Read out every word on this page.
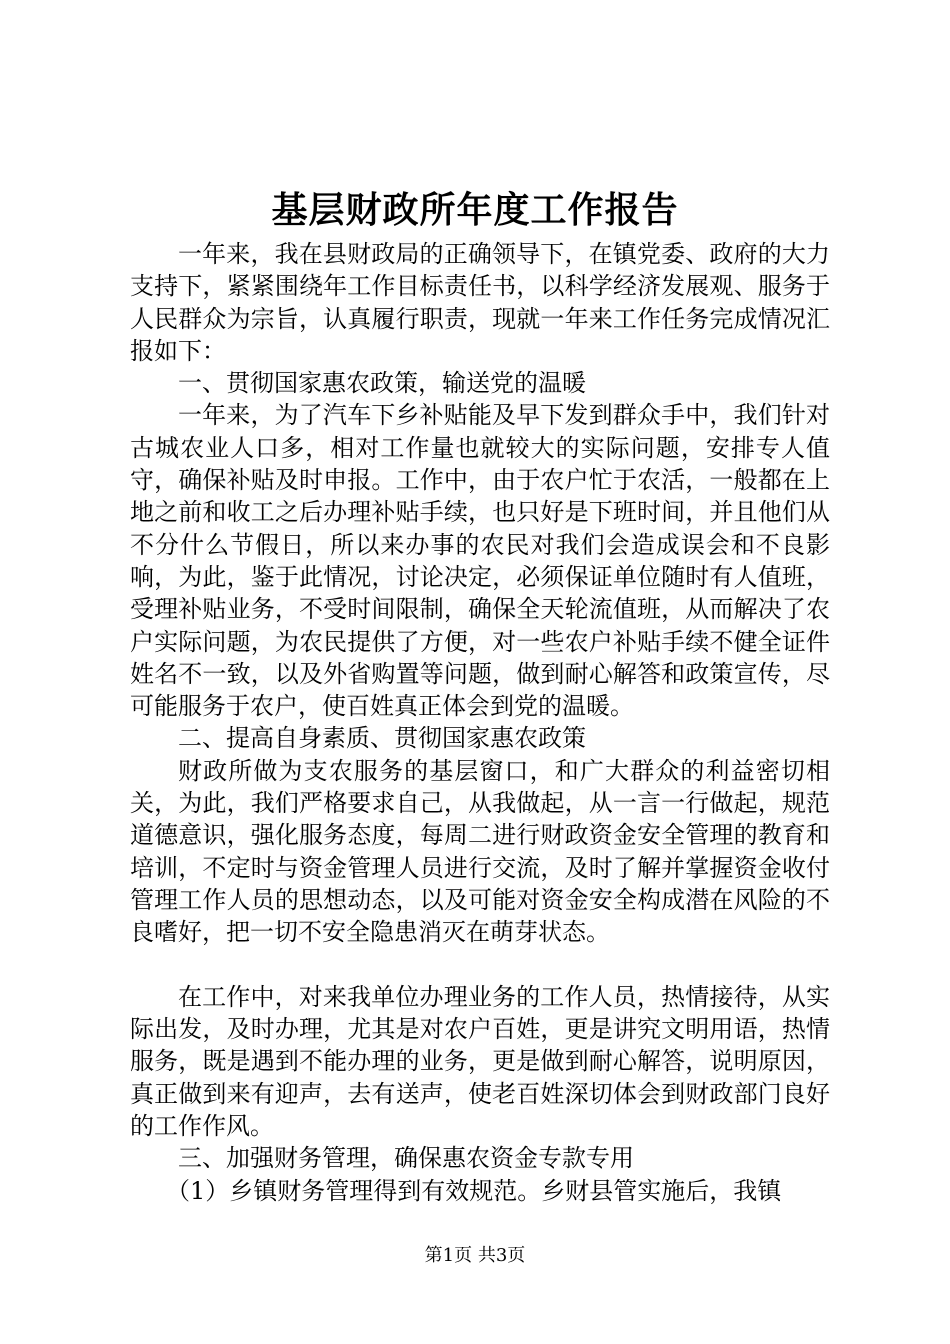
基层财政所年度工作报告

一年来，我在县财政局的正确领导下，在镇党委、政府的大力支持下，紧紧围绕年工作目标责任书，以科学经济发展观、服务于人民群众为宗旨，认真履行职责，现就一年来工作任务完成情况汇报如下：

一、贯彻国家惠农政策，输送党的温暖

一年来，为了汽车下乡补贴能及早下发到群众手中，我们针对古城农业人口多，相对工作量也就较大的实际问题，安排专人值守，确保补贴及时申报。工作中，由于农户忙于农活，一般都在上地之前和收工之后办理补贴手续，也只好是下班时间，并且他们从不分什么节假日，所以来办事的农民对我们会造成误会和不良影响，为此，鉴于此情况，讨论决定，必须保证单位随时有人值班，受理补贴业务，不受时间限制，确保全天轮流值班，从而解决了农户实际问题，为农民提供了方便，对一些农户补贴手续不健全证件姓名不一致，以及外省购置等问题，做到耐心解答和政策宣传，尽可能服务于农户，使百姓真正体会到党的温暖。

二、提高自身素质、贯彻国家惠农政策

财政所做为支农服务的基层窗口，和广大群众的利益密切相关，为此，我们严格要求自己，从我做起，从一言一行做起，规范道德意识，强化服务态度，每周二进行财政资金安全管理的教育和培训，不定时与资金管理人员进行交流，及时了解并掌握资金收付管理工作人员的思想动态，以及可能对资金安全构成潜在风险的不良嗜好，把一切不安全隐患消灭在萌芽状态。

在工作中，对来我单位办理业务的工作人员，热情接待，从实际出发，及时办理，尤其是对农户百姓，更是讲究文明用语，热情服务，既是遇到不能办理的业务，更是做到耐心解答，说明原因，真正做到来有迎声，去有送声，使老百姓深切体会到财政部门良好的工作作风。

三、加强财务管理，确保惠农资金专款专用

（1）乡镇财务管理得到有效规范。乡财县管实施后，我镇

第1页 共3页
